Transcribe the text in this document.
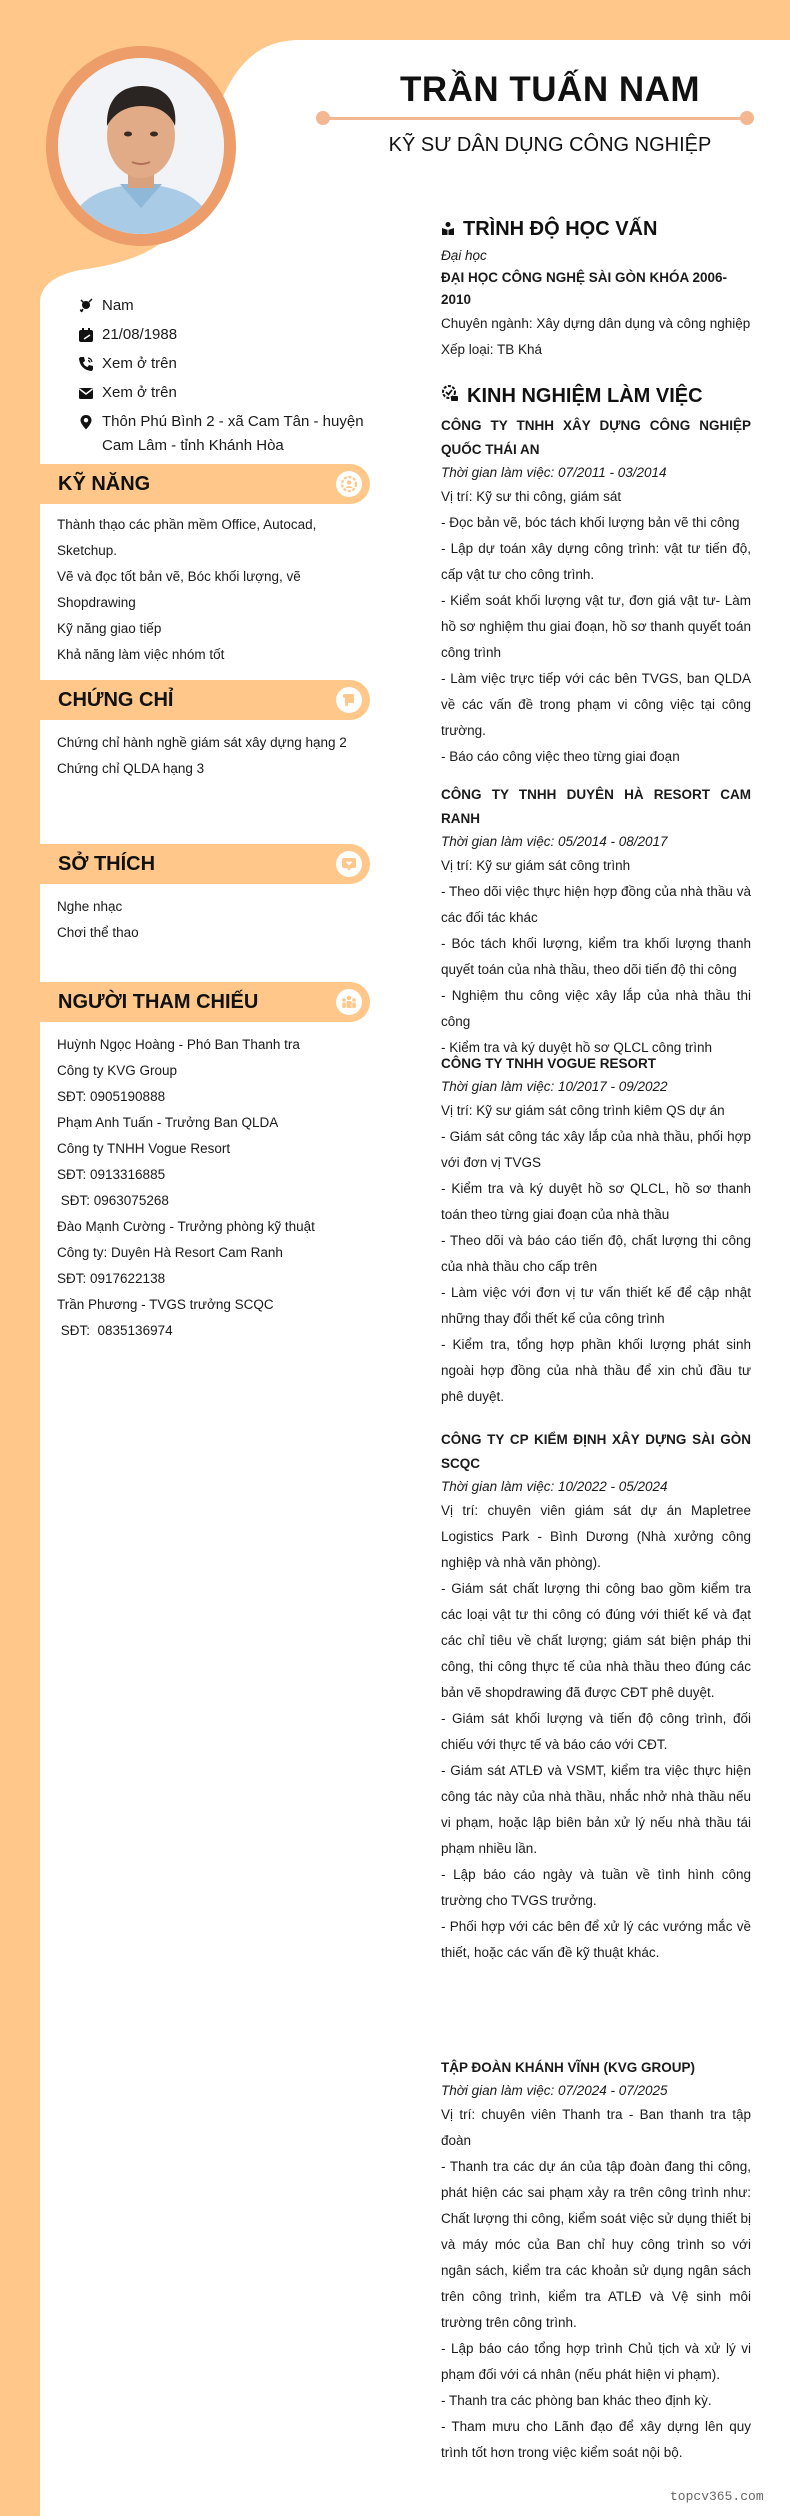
TRẦN TUẤN NAM
KỸ SƯ DÂN DỤNG CÔNG NGHIỆP
Nam
21/08/1988
Xem ở trên
Xem ở trên
Thôn Phú Bình 2 - xã Cam Tân - huyện Cam Lâm - tỉnh Khánh Hòa
KỸ NĂNG
Thành thạo các phần mềm Office, Autocad, Sketchup.
Vẽ và đọc tốt bản vẽ, Bóc khối lượng, vẽ Shopdrawing
Kỹ năng giao tiếp
Khả năng làm việc nhóm tốt
CHỨNG CHỈ
Chứng chỉ hành nghề giám sát xây dựng hạng 2
Chứng chỉ QLDA hạng 3
SỞ THÍCH
Nghe nhạc
Chơi thể thao
NGƯỜI THAM CHIẾU
Huỳnh Ngọc Hoàng - Phó Ban Thanh tra
Công ty KVG Group
SĐT: 0905190888
Phạm Anh Tuấn - Trưởng Ban QLDA
Công ty TNHH Vogue Resort
SĐT: 0913316885
SĐT: 0963075268
Đào Mạnh Cường - Trưởng phòng kỹ thuật
Công ty: Duyên Hà Resort Cam Ranh
SĐT: 0917622138
Trần Phương - TVGS trưởng SCQC
SĐT:  0835136974
TRÌNH ĐỘ HỌC VẤN
Đại học
ĐẠI HỌC CÔNG NGHỆ SÀI GÒN KHÓA 2006-2010
Chuyên ngành: Xây dựng dân dụng và công nghiệp
Xếp loại: TB Khá
KINH NGHIỆM LÀM VIỆC
CÔNG TY TNHH XÂY DỰNG CÔNG NGHIỆP QUỐC THÁI AN
Thời gian làm việc: 07/2011 - 03/2014
Vị trí: Kỹ sư thi công, giám sát
- Đọc bản vẽ, bóc tách khối lượng bản vẽ thi công
- Lập dự toán xây dựng công trình: vật tư tiến độ, cấp vật tư cho công trình.
- Kiểm soát khối lượng vật tư, đơn giá vật tư- Làm hồ sơ nghiệm thu giai đoạn, hồ sơ thanh quyết toán công trình
- Làm việc trực tiếp với các bên TVGS, ban QLDA về các vấn đề trong phạm vi công việc tại công trường.
- Báo cáo công việc theo từng giai đoạn
CÔNG TY TNHH DUYÊN HÀ RESORT CAM RANH
Thời gian làm việc: 05/2014 - 08/2017
Vị trí: Kỹ sư giám sát công trình
- Theo dõi việc thực hiện hợp đồng của nhà thầu và các đối tác khác
- Bóc tách khối lượng, kiểm tra khối lượng thanh quyết toán của nhà thầu, theo dõi tiến độ thi công
- Nghiệm thu công việc xây lắp của nhà thầu thi công
- Kiểm tra và ký duyệt hồ sơ QLCL công trình
CÔNG TY TNHH VOGUE RESORT
Thời gian làm việc: 10/2017 - 09/2022
Vị trí: Kỹ sư giám sát công trình kiêm QS dự án
- Giám sát công tác xây lắp của nhà thầu, phối hợp với đơn vị TVGS
- Kiểm tra và ký duyệt hồ sơ QLCL, hồ sơ thanh toán theo từng giai đoạn của nhà thầu
- Theo dõi và báo cáo tiến độ, chất lượng thi công của nhà thầu cho cấp trên
- Làm việc với đơn vị tư vấn thiết kế để cập nhật những thay đổi thết kế của công trình
- Kiểm tra, tổng hợp phần khối lượng phát sinh ngoài hợp đồng của nhà thầu để xin chủ đầu tư phê duyệt.
CÔNG TY CP KIỂM ĐỊNH XÂY DỰNG SÀI GÒN SCQC
Thời gian làm việc: 10/2022 - 05/2024
Vị trí: chuyên viên giám sát dự án Mapletree Logistics Park - Bình Dương (Nhà xưởng công nghiệp và nhà văn phòng).
- Giám sát chất lượng thi công bao gồm kiểm tra các loại vật tư thi công có đúng với thiết kế và đạt các chỉ tiêu về chất lượng; giám sát biện pháp thi công, thi công thực tế của nhà thầu theo đúng các bản vẽ shopdrawing đã được CĐT phê duyệt.
- Giám sát khối lượng và tiến độ công trình, đối chiếu với thực tế và báo cáo với CĐT.
- Giám sát ATLĐ và VSMT, kiểm tra việc thực hiện công tác này của nhà thầu, nhắc nhở nhà thầu nếu vi phạm, hoặc lập biên bản xử lý nếu nhà thầu tái phạm nhiều lần.
- Lập báo cáo ngày và tuần về tình hình công trường cho TVGS trưởng.
- Phối hợp với các bên để xử lý các vướng mắc về thiết, hoặc các vấn đề kỹ thuật khác.
TẬP ĐOÀN KHÁNH VĨNH (KVG GROUP)
Thời gian làm việc: 07/2024 - 07/2025
Vị trí: chuyên viên Thanh tra - Ban thanh tra tập đoàn
- Thanh tra các dự án của tập đoàn đang thi công, phát hiện các sai phạm xảy ra trên công trình như: Chất lượng thi công, kiểm soát việc sử dụng thiết bị và máy móc của Ban chỉ huy công trình so với ngân sách, kiểm tra các khoản sử dụng ngân sách trên công trình, kiểm tra ATLĐ và Vệ sinh môi trường trên công trình.
- Lập báo cáo tổng hợp trình Chủ tịch và xử lý vi phạm đối với cá nhân (nếu phát hiện vi phạm).
- Thanh tra các phòng ban khác theo định kỳ.
- Tham mưu cho Lãnh đạo để xây dựng lên quy trình tốt hơn trong việc kiểm soát nội bộ.
topcv365.com
